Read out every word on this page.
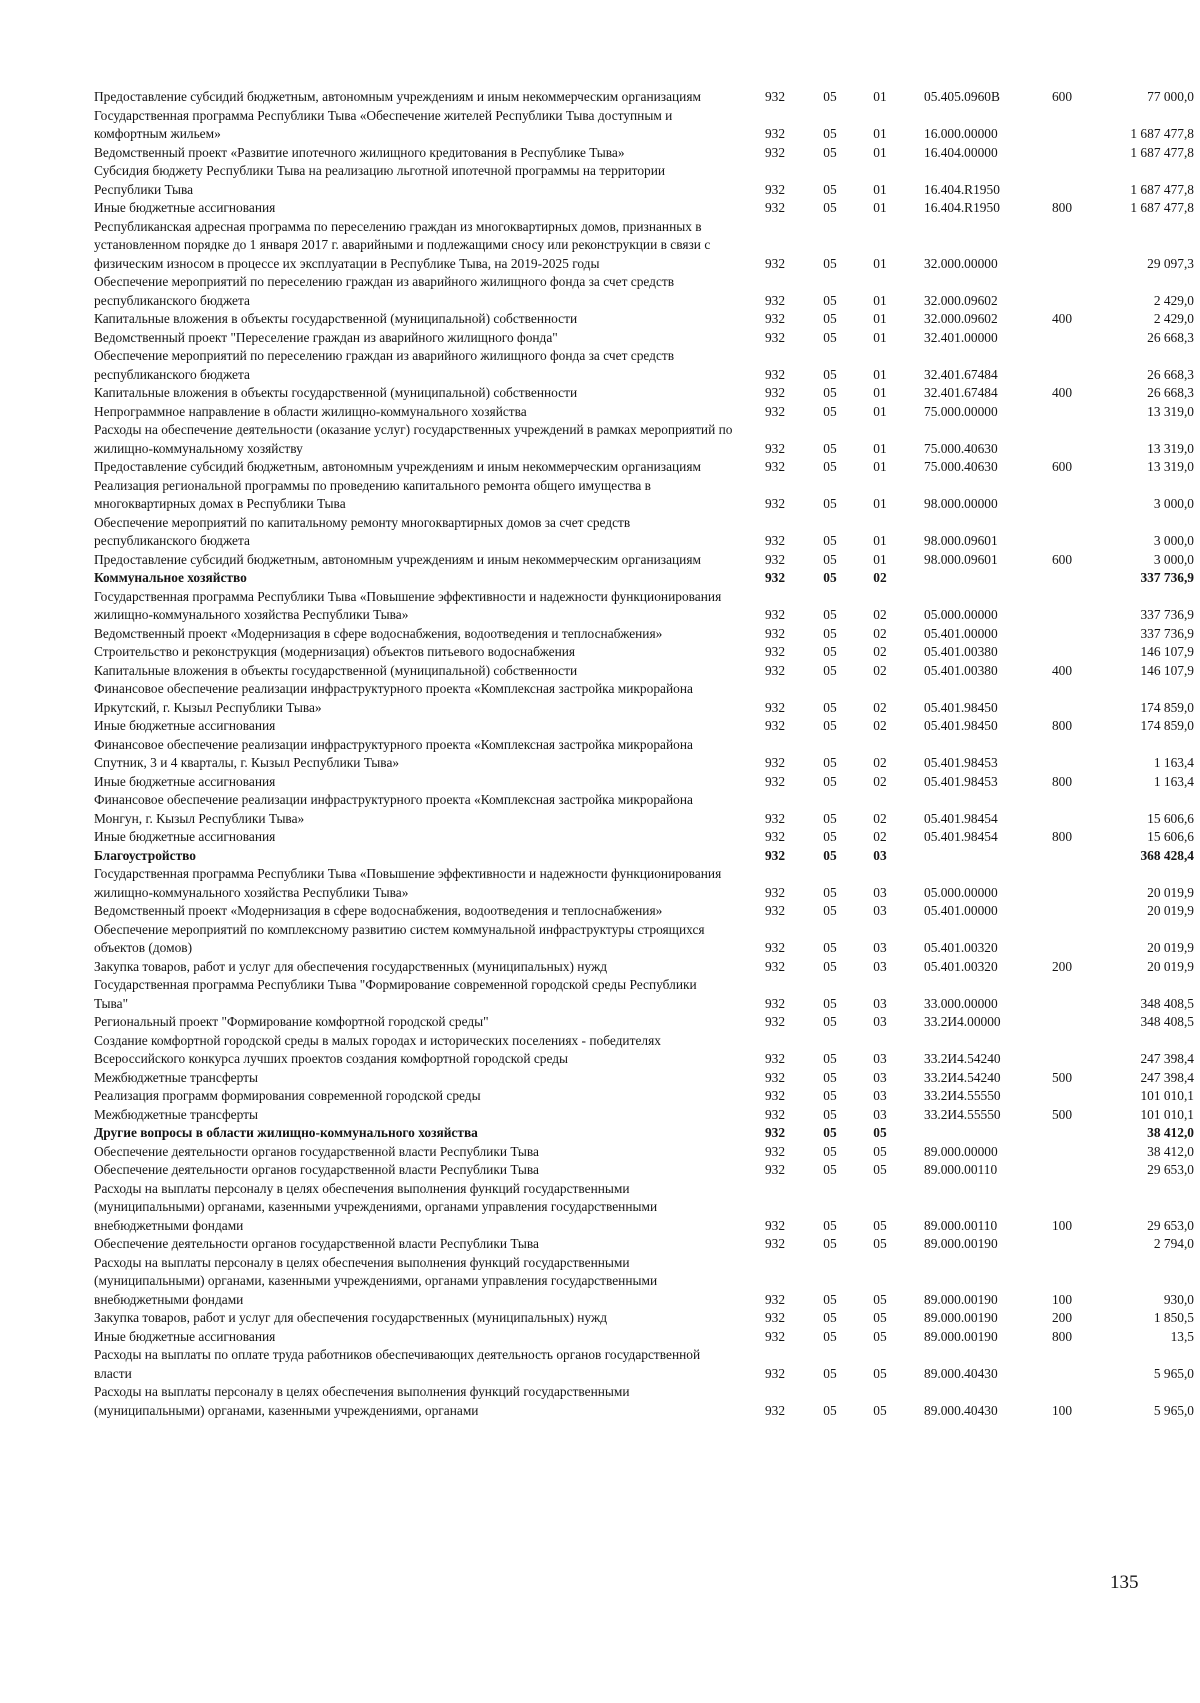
Предоставление субсидий бюджетным, автономным учреждениям и иным некоммерческим организациям	932	05	01	05.405.0960В	600	77 000,0
Государственная программа Республики Тыва «Обеспечение жителей Республики Тыва доступным и комфортным жильем»	932	05	01	16.000.00000		1 687 477,8
Ведомственный проект «Развитие ипотечного жилищного кредитования в Республике Тыва»	932	05	01	16.404.00000		1 687 477,8
Субсидия бюджету Республики Тыва на реализацию льготной ипотечной программы на территории Республики Тыва	932	05	01	16.404.R1950		1 687 477,8
Иные бюджетные ассигнования	932	05	01	16.404.R1950	800	1 687 477,8
Республиканская адресная программа по переселению граждан из многоквартирных домов, признанных в установленном порядке до 1 января 2017 г. аварийными и подлежащими сносу или реконструкции в связи с физическим износом в процессе их эксплуатации в Республике Тыва, на 2019-2025 годы	932	05	01	32.000.00000		29 097,3
Обеспечение мероприятий по переселению граждан из аварийного жилищного фонда за счет средств республиканского бюджета	932	05	01	32.000.09602		2 429,0
Капитальные вложения в объекты государственной (муниципальной) собственности	932	05	01	32.000.09602	400	2 429,0
Ведомственный проект "Переселение граждан из аварийного жилищного фонда"	932	05	01	32.401.00000		26 668,3
Обеспечение мероприятий по переселению граждан из аварийного жилищного фонда за счет средств республиканского бюджета	932	05	01	32.401.67484		26 668,3
Капитальные вложения в объекты государственной (муниципальной) собственности	932	05	01	32.401.67484	400	26 668,3
Непрограммное направление в области жилищно-коммунального хозяйства	932	05	01	75.000.00000		13 319,0
Расходы на обеспечение деятельности (оказание услуг) государственных учреждений в рамках мероприятий по жилищно-коммунальному хозяйству	932	05	01	75.000.40630		13 319,0
Предоставление субсидий бюджетным, автономным учреждениям и иным некоммерческим организациям	932	05	01	75.000.40630	600	13 319,0
Реализация региональной программы по проведению капитального ремонта общего имущества в многоквартирных домах в Республики Тыва	932	05	01	98.000.00000		3 000,0
Обеспечение мероприятий по капитальному ремонту многоквартирных домов за счет средств республиканского бюджета	932	05	01	98.000.09601		3 000,0
Предоставление субсидий бюджетным, автономным учреждениям и иным некоммерческим организациям	932	05	01	98.000.09601	600	3 000,0
Коммунальное хозяйство	932	05	02			337 736,9
Государственная программа Республики Тыва «Повышение эффективности и надежности функционирования жилищно-коммунального хозяйства Республики Тыва»	932	05	02	05.000.00000		337 736,9
Ведомственный проект «Модернизация в сфере водоснабжения, водоотведения и теплоснабжения»	932	05	02	05.401.00000		337 736,9
Строительство и реконструкция (модернизация) объектов питьевого водоснабжения	932	05	02	05.401.00380		146 107,9
Капитальные вложения в объекты государственной (муниципальной) собственности	932	05	02	05.401.00380	400	146 107,9
Финансовое обеспечение реализации инфраструктурного проекта «Комплексная застройка микрорайона Иркутский, г. Кызыл Республики Тыва»	932	05	02	05.401.98450		174 859,0
Иные бюджетные ассигнования	932	05	02	05.401.98450	800	174 859,0
Финансовое обеспечение реализации инфраструктурного проекта «Комплексная застройка микрорайона Спутник, 3 и 4 кварталы, г. Кызыл Республики Тыва»	932	05	02	05.401.98453		1 163,4
Иные бюджетные ассигнования	932	05	02	05.401.98453	800	1 163,4
Финансовое обеспечение реализации инфраструктурного проекта «Комплексная застройка микрорайона Монгун, г. Кызыл Республики Тыва»	932	05	02	05.401.98454		15 606,6
Иные бюджетные ассигнования	932	05	02	05.401.98454	800	15 606,6
Благоустройство	932	05	03			368 428,4
Государственная программа Республики Тыва «Повышение эффективности и надежности функционирования жилищно-коммунального хозяйства Республики Тыва»	932	05	03	05.000.00000		20 019,9
Ведомственный проект «Модернизация в сфере водоснабжения, водоотведения и теплоснабжения»	932	05	03	05.401.00000		20 019,9
Обеспечение мероприятий по комплексному развитию систем коммунальной инфраструктуры строящихся объектов (домов)	932	05	03	05.401.00320		20 019,9
Закупка товаров, работ и услуг для обеспечения государственных (муниципальных) нужд	932	05	03	05.401.00320	200	20 019,9
Государственная программа Республики Тыва "Формирование современной городской среды Республики Тыва"	932	05	03	33.000.00000		348 408,5
Региональный проект "Формирование комфортной городской среды"	932	05	03	33.2И4.00000		348 408,5
Создание комфортной городской среды в малых городах и исторических поселениях - победителях Всероссийского конкурса лучших проектов создания комфортной городской среды	932	05	03	33.2И4.54240		247 398,4
Межбюджетные трансферты	932	05	03	33.2И4.54240	500	247 398,4
Реализация программ формирования современной городской среды	932	05	03	33.2И4.55550		101 010,1
Межбюджетные трансферты	932	05	03	33.2И4.55550	500	101 010,1
Другие вопросы в области жилищно-коммунального хозяйства	932	05	05			38 412,0
Обеспечение деятельности органов государственной власти Республики Тыва	932	05	05	89.000.00000		38 412,0
Обеспечение деятельности органов государственной власти Республики Тыва	932	05	05	89.000.00110		29 653,0
Расходы на выплаты персоналу в целях обеспечения выполнения функций государственными (муниципальными) органами, казенными учреждениями, органами управления государственными внебюджетными фондами	932	05	05	89.000.00110	100	29 653,0
Обеспечение деятельности органов государственной власти Республики Тыва	932	05	05	89.000.00190		2 794,0
Расходы на выплаты персоналу в целях обеспечения выполнения функций государственными (муниципальными) органами, казенными учреждениями, органами управления государственными внебюджетными фондами	932	05	05	89.000.00190	100	930,0
Закупка товаров, работ и услуг для обеспечения государственных (муниципальных) нужд	932	05	05	89.000.00190	200	1 850,5
Иные бюджетные ассигнования	932	05	05	89.000.00190	800	13,5
Расходы на выплаты по оплате труда работников обеспечивающих деятельность органов государственной власти	932	05	05	89.000.40430		5 965,0
Расходы на выплаты персоналу в целях обеспечения выполнения функций государственными (муниципальными) органами, казенными учреждениями, органами	932	05	05	89.000.40430	100	5 965,0
135
